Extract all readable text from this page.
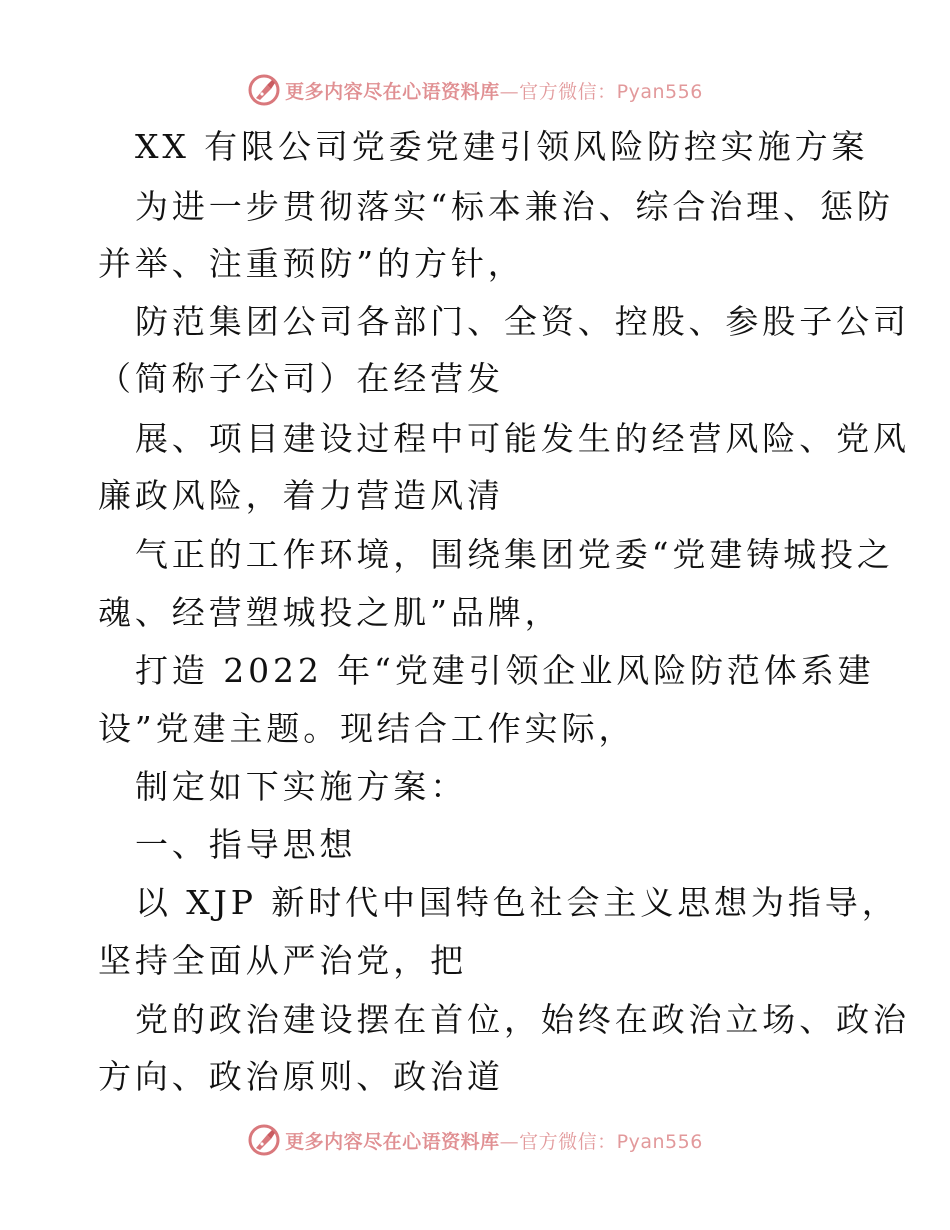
更多内容尽在心语资料库—官方微信：Pyan556
XX 有限公司党委党建引领风险防控实施方案
为进一步贯彻落实“标本兼治、综合治理、惩防
并举、注重预防”的方针，
防范集团公司各部门、全资、控股、参股子公司
（简称子公司）在经营发
展、项目建设过程中可能发生的经营风险、党风
廉政风险，着力营造风清
气正的工作环境，围绕集团党委“党建铸城投之
魂、经营塑城投之肌”品牌，
打造 2022 年“党建引领企业风险防范体系建
设”党建主题。现结合工作实际，
制定如下实施方案：
一、指导思想
以 XJP 新时代中国特色社会主义思想为指导，
坚持全面从严治党，把
党的政治建设摆在首位，始终在政治立场、政治
方向、政治原则、政治道
更多内容尽在心语资料库—官方微信：Pyan556
